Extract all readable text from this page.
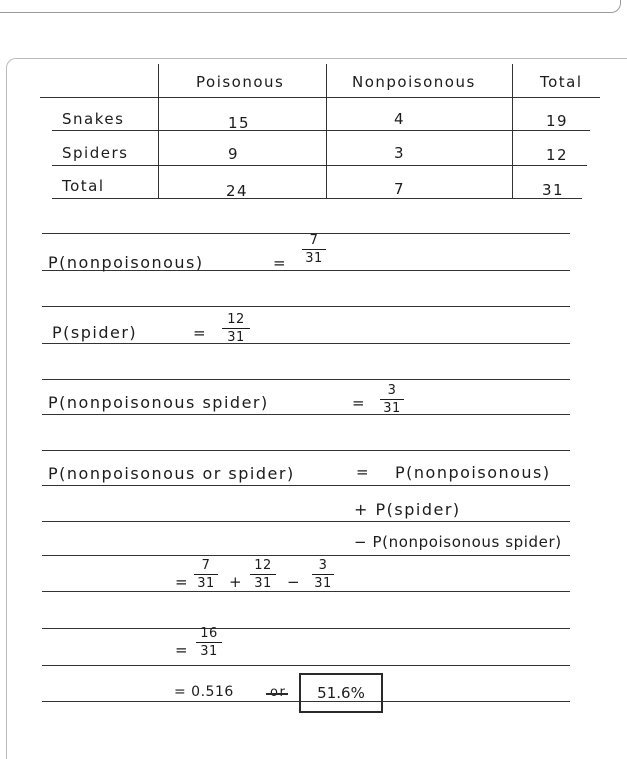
Poisonous	Nonpoisonous	Total
Snakes	15	4	19
Spiders	9	3	12
Total	24	7	31
P(nonpoisonous)	=
7
31
P(spider)	=
12
31
P(nonpoisonous spider)	=
3
31
P(nonpoisonous or spider)	= P(nonpoisonous)
+ P(spider)
− P(nonpoisonous spider)
=
7
31 +
12
31 −
3
31
=
16
31
= 0.516	51.6%
